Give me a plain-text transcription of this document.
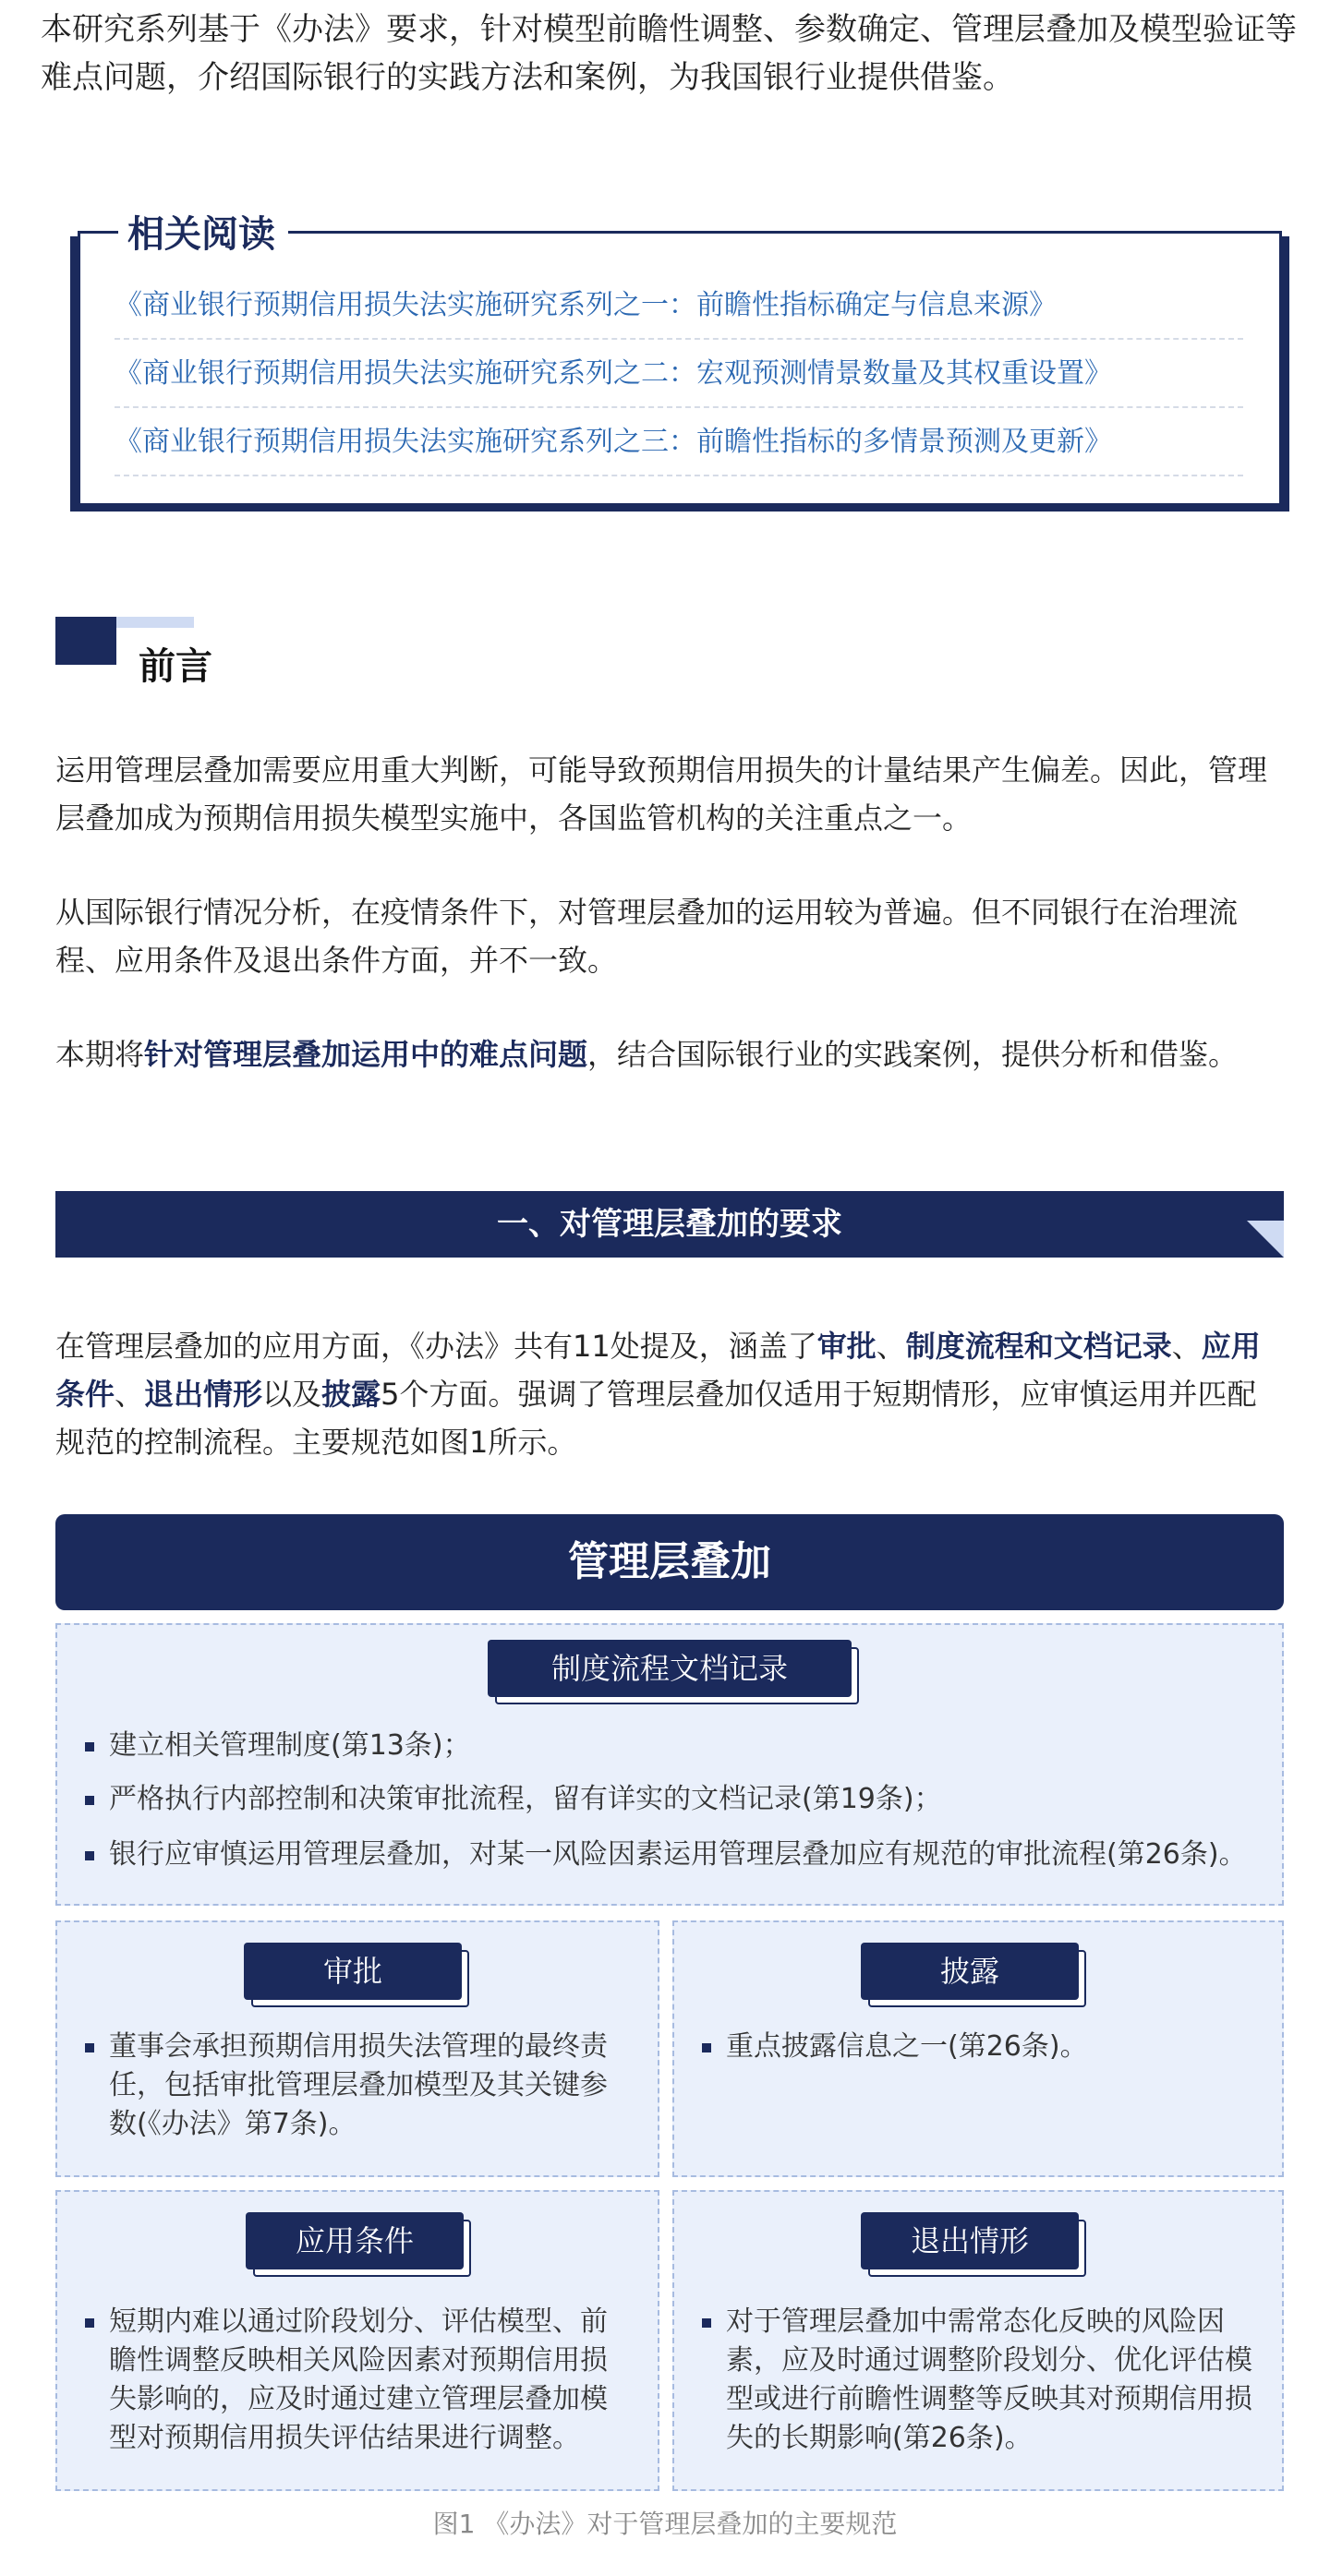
本研究系列基于《办法》要求，针对模型前瞻性调整、参数确定、管理层叠加及模型验证等难点问题，介绍国际银行的实践方法和案例，为我国银行业提供借鉴。

相关阅读
《商业银行预期信用损失法实施研究系列之一：前瞻性指标确定与信息来源》
《商业银行预期信用损失法实施研究系列之二：宏观预测情景数量及其权重设置》
《商业银行预期信用损失法实施研究系列之三：前瞻性指标的多情景预测及更新》
前言

运用管理层叠加需要应用重大判断，可能导致预期信用损失的计量结果产生偏差。因此，管理层叠加成为预期信用损失模型实施中，各国监管机构的关注重点之一。

从国际银行情况分析，在疫情条件下，对管理层叠加的运用较为普遍。但不同银行在治理流程、应用条件及退出条件方面，并不一致。

本期将针对管理层叠加运用中的难点问题，结合国际银行业的实践案例，提供分析和借鉴。

一、对管理层叠加的要求

在管理层叠加的应用方面，《办法》共有11处提及，涵盖了审批、制度流程和文档记录、应用条件、退出情形以及披露5个方面。强调了管理层叠加仅适用于短期情形，应审慎运用并匹配规范的控制流程。主要规范如图1所示。

管理层叠加
制度流程文档记录
建立相关管理制度(第13条)；
严格执行内部控制和决策审批流程，留有详实的文档记录(第19条)；
银行应审慎运用管理层叠加，对某一风险因素运用管理层叠加应有规范的审批流程(第26条)。
审批
董事会承担预期信用损失法管理的最终责任，包括审批管理层叠加模型及其关键参数(《办法》第7条)。
披露
重点披露信息之一(第26条)。
应用条件
短期内难以通过阶段划分、评估模型、前瞻性调整反映相关风险因素对预期信用损失影响的，应及时通过建立管理层叠加模型对预期信用损失评估结果进行调整。
退出情形
对于管理层叠加中需常态化反映的风险因素，应及时通过调整阶段划分、优化评估模型或进行前瞻性调整等反映其对预期信用损失的长期影响(第26条)。
图1 《办法》对于管理层叠加的主要规范
